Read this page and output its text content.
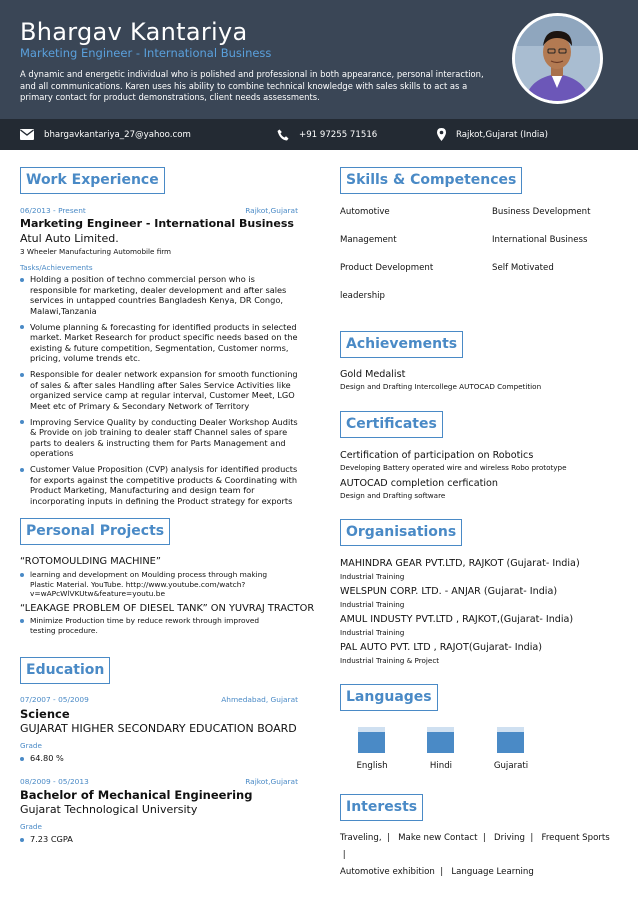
Bhargav Kantariya
Marketing Engineer - International Business
A dynamic and energetic individual who is polished and professional in both appearance, personal interaction, and all communications. Karen uses his ability to combine technical knowledge with sales skills to act as a primary contact for product demonstrations, client needs assessments.
bhargavkantariya_27@yahoo.com	+91 97255 71516	Rajkot,Gujarat (India)
Work Experience
06/2013 - Present	Rajkot,Gujarat
Marketing Engineer - International Business
Atul Auto Limited.
3 Wheeler Manufacturing Automobile firm
Tasks/Achievements
Holding a position of techno commercial person who is responsible for marketing, dealer development and after sales services in untapped countries Bangladesh Kenya, DR Congo, Malawi,Tanzania
Volume planning & forecasting for identified products in selected market. Market Research for product specific needs based on the existing & future competition, Segmentation, Customer norms, pricing, volume trends etc.
Responsible for dealer network expansion for smooth functioning of sales & after sales Handling after Sales Service Activities like organized service camp at regular interval, Customer Meet, LGO Meet etc of Primary & Secondary Network of Territory
Improving Service Quality by conducting Dealer Workshop Audits & Provide on job training to dealer staff Channel sales of spare parts to dealers & instructing them for Parts Management and operations
Customer Value Proposition (CVP) analysis for identified products for exports against the competitive products & Coordinating with Product Marketing, Manufacturing and design team for incorporating inputs in defining the Product strategy for exports
Personal Projects
“ROTOMOULDING MACHINE”
learning and development on Moulding process through making Plastic Material. YouTube. http://www.youtube.com/watch?v=wAPcWlVKUtw&feature=youtu.be
“LEAKAGE PROBLEM OF DIESEL TANK” ON YUVRAJ TRACTOR
Minimize Production time by reduce rework through improved testing procedure.
Education
07/2007 - 05/2009	Ahmedabad, Gujarat
Science
GUJARAT HIGHER SECONDARY EDUCATION BOARD
Grade
64.80 %
08/2009 - 05/2013	Rajkot,Gujarat
Bachelor of Mechanical Engineering
Gujarat Technological University
Grade
7.23 CGPA
Skills & Competences
Automotive	Business Development
Management	International Business
Product Development	Self Motivated
leadership
Achievements
Gold Medalist
Design and Drafting Intercollege AUTOCAD Competition
Certificates
Certification of participation on Robotics
Developing Battery operated wire and wireless Robo prototype
AUTOCAD completion cerfication
Design and Drafting software
Organisations
MAHINDRA GEAR PVT.LTD, RAJKOT (Gujarat- India)
Industrial Training
WELSPUN CORP. LTD. - ANJAR (Gujarat- India)
Industrial Training
AMUL INDUSTY PVT.LTD , RAJKOT,(Gujarat- India)
Industrial Training
PAL AUTO PVT. LTD , RAJOT(Gujarat- India)
Industrial Training & Project
Languages
English	Hindi	Gujarati
Interests
Traveling,  |   Make new Contact  |   Driving  |   Frequent Sports  |
Automotive exhibition  |   Language Learning
